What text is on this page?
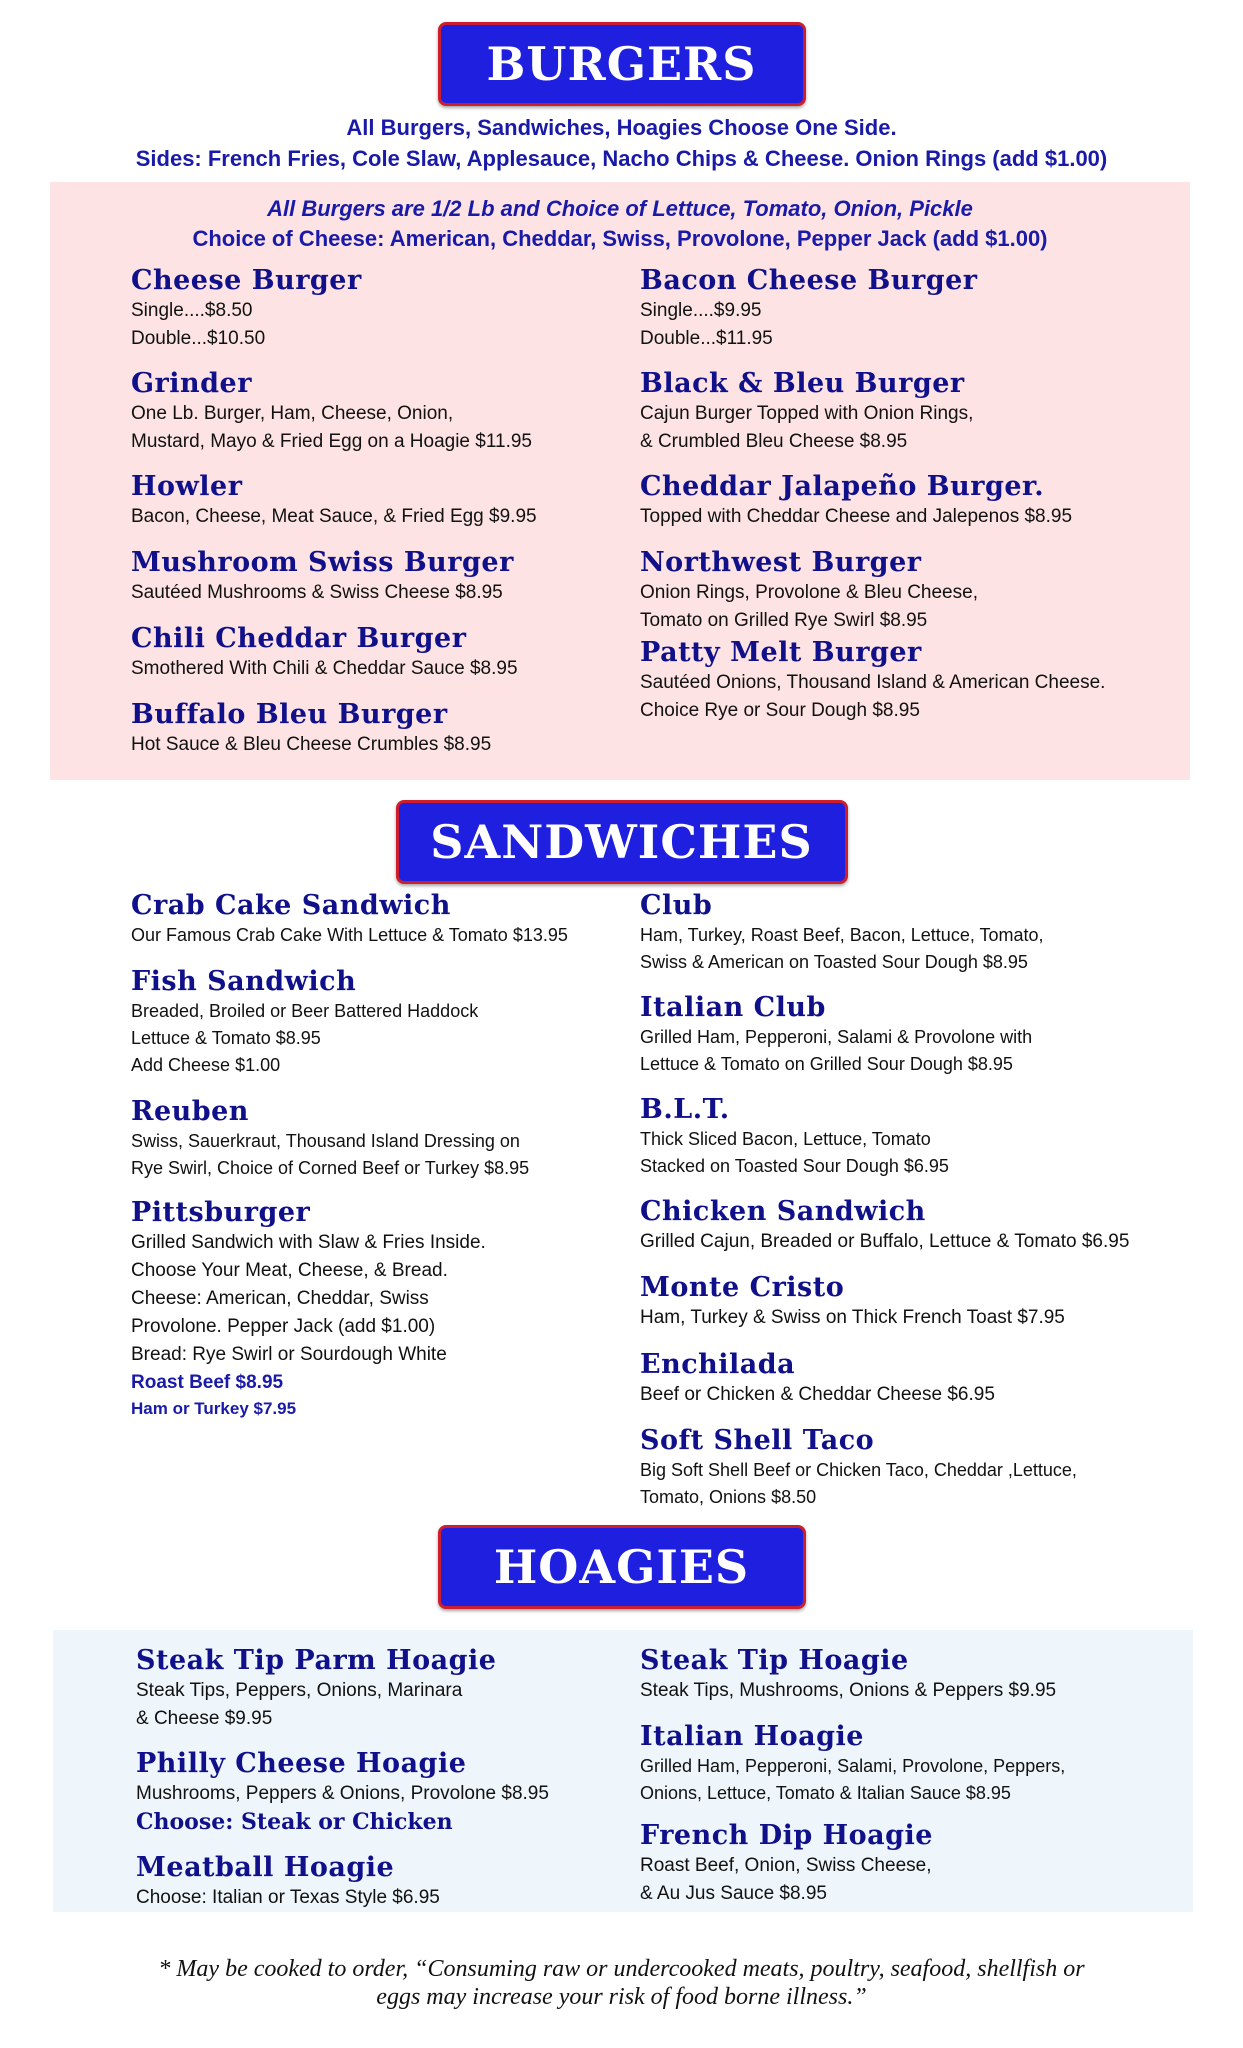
BURGERS
All Burgers, Sandwiches, Hoagies Choose One Side.
Sides: French Fries, Cole Slaw, Applesauce, Nacho Chips & Cheese. Onion Rings (add $1.00)
All Burgers are 1/2 Lb and Choice of Lettuce, Tomato, Onion, Pickle
Choice of Cheese: American, Cheddar, Swiss, Provolone, Pepper Jack (add $1.00)
Cheese Burger
Single....$8.50
Double...$10.50
Grinder
One Lb. Burger, Ham, Cheese, Onion,
Mustard, Mayo & Fried Egg on a Hoagie $11.95
Howler
Bacon, Cheese, Meat Sauce, & Fried Egg $9.95
Mushroom Swiss Burger
Sautéed Mushrooms & Swiss Cheese $8.95
Chili Cheddar Burger
Smothered With Chili & Cheddar Sauce $8.95
Buffalo Bleu Burger
Hot Sauce & Bleu Cheese Crumbles $8.95
Bacon Cheese Burger
Single....$9.95
Double...$11.95
Black & Bleu Burger
Cajun Burger Topped with Onion Rings,
& Crumbled Bleu Cheese $8.95
Cheddar Jalapeño Burger.
Topped with Cheddar Cheese and Jalepenos $8.95
Northwest Burger
Onion Rings, Provolone & Bleu Cheese,
Tomato on Grilled Rye Swirl $8.95
Patty Melt Burger
Sautéed Onions, Thousand Island & American Cheese.
Choice Rye or Sour Dough $8.95
SANDWICHES
Crab Cake Sandwich
Our Famous Crab Cake With Lettuce & Tomato $13.95
Fish Sandwich
Breaded, Broiled or Beer Battered Haddock
Lettuce & Tomato $8.95
Add Cheese $1.00
Reuben
Swiss, Sauerkraut, Thousand Island Dressing on
Rye Swirl, Choice of Corned Beef or Turkey $8.95
Pittsburger
Grilled Sandwich with Slaw & Fries Inside.
Choose Your Meat, Cheese, & Bread.
Cheese: American, Cheddar, Swiss
Provolone. Pepper Jack (add $1.00)
Bread: Rye Swirl or Sourdough White
Roast Beef $8.95
Ham or Turkey $7.95
Club
Ham, Turkey, Roast Beef, Bacon, Lettuce, Tomato,
Swiss & American on Toasted Sour Dough $8.95
Italian Club
Grilled Ham, Pepperoni, Salami & Provolone with
Lettuce & Tomato on Grilled Sour Dough $8.95
B.L.T.
Thick Sliced Bacon, Lettuce, Tomato
Stacked on Toasted Sour Dough $6.95
Chicken Sandwich
Grilled Cajun, Breaded or Buffalo, Lettuce & Tomato $6.95
Monte Cristo
Ham, Turkey & Swiss on Thick French Toast $7.95
Enchilada
Beef or Chicken & Cheddar Cheese $6.95
Soft Shell Taco
Big Soft Shell Beef or Chicken Taco, Cheddar ,Lettuce,
Tomato, Onions $8.50
HOAGIES
Steak Tip Parm Hoagie
Steak Tips, Peppers, Onions, Marinara
& Cheese $9.95
Philly Cheese Hoagie
Mushrooms, Peppers & Onions, Provolone $8.95
Choose: Steak or Chicken
Meatball Hoagie
Choose: Italian or Texas Style $6.95
Steak Tip Hoagie
Steak Tips, Mushrooms, Onions & Peppers $9.95
Italian Hoagie
Grilled Ham, Pepperoni, Salami, Provolone, Peppers,
Onions, Lettuce, Tomato & Italian Sauce $8.95
French Dip Hoagie
Roast Beef, Onion, Swiss Cheese,
& Au Jus Sauce $8.95
* May be cooked to order, “Consuming raw or undercooked meats, poultry, seafood, shellfish or
eggs may increase your risk of food borne illness.”
